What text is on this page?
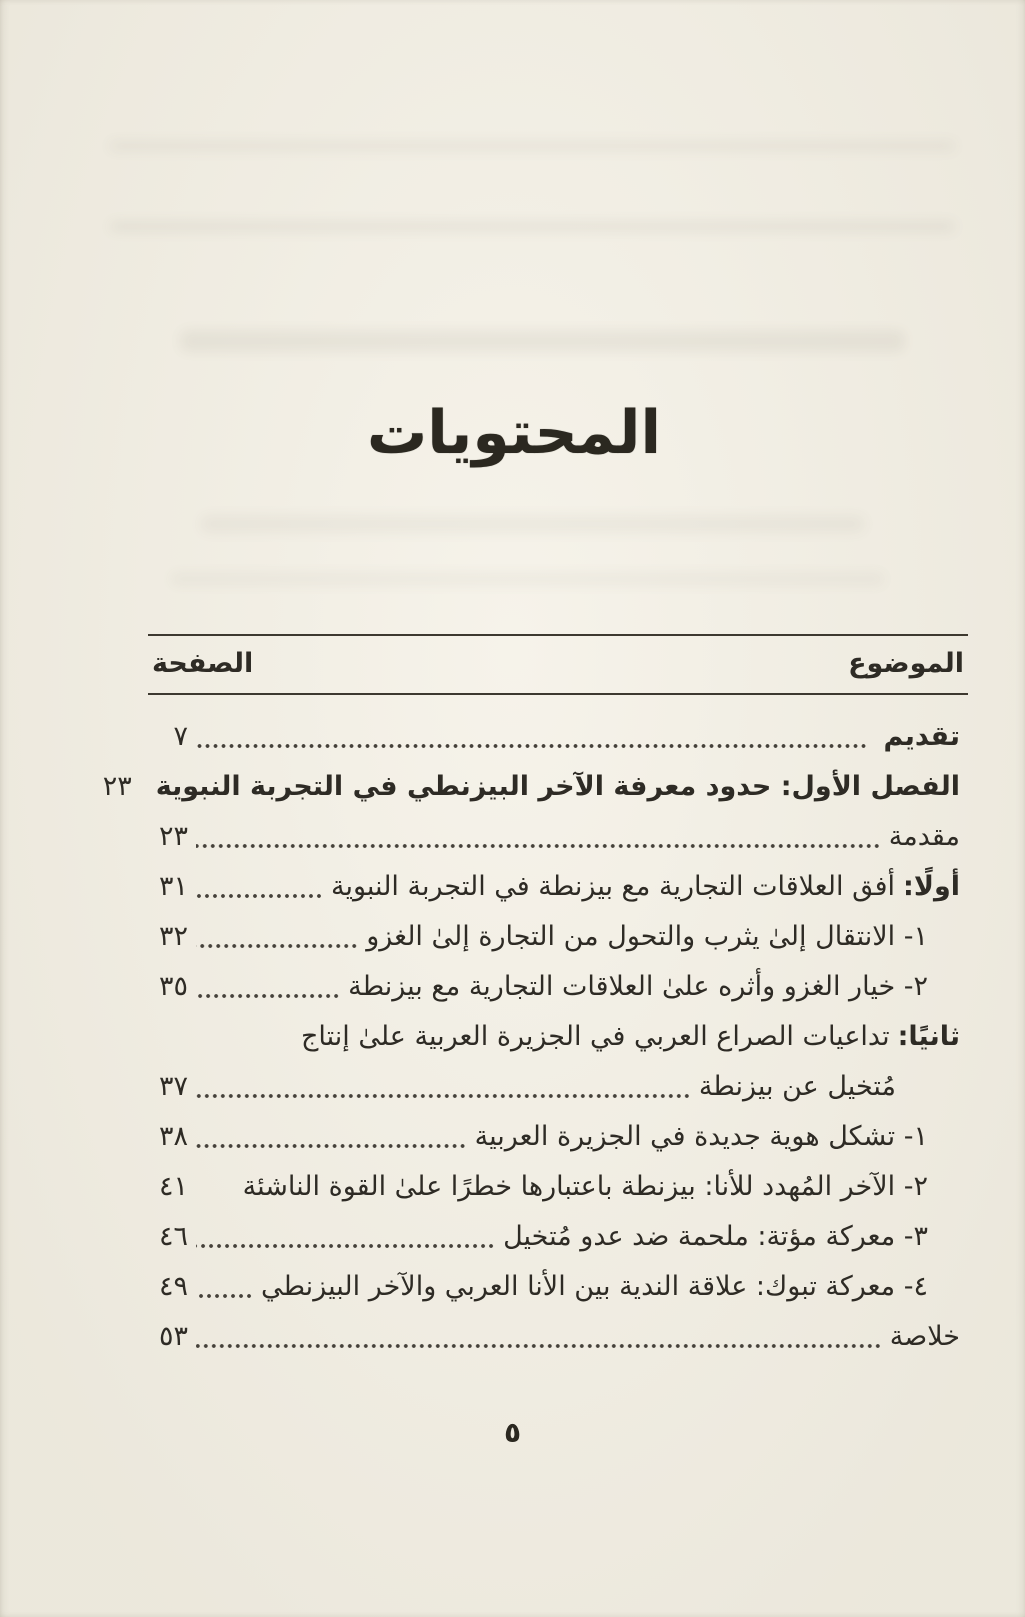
المحتويات
الموضوع
الصفحة
تقديم
٧
الفصل الأول: حدود معرفة الآخر البيزنطي في التجربة النبوية
٢٣
مقدمة
٢٣
أولًا:أفق العلاقات التجارية مع بيزنطة في التجربة النبوية
٣١
١- الانتقال إلىٰ يثرب والتحول من التجارة إلىٰ الغزو
٣٢
٢- خيار الغزو وأثره علىٰ العلاقات التجارية مع بيزنطة
٣٥
ثانيًا:تداعيات الصراع العربي في الجزيرة العربية علىٰ إنتاج
مُتخيل عن بيزنطة
٣٧
١- تشكل هوية جديدة في الجزيرة العربية
٣٨
٢- الآخر المُهدد للأنا: بيزنطة باعتبارها خطرًا علىٰ القوة الناشئة
٤١
٣- معركة مؤتة: ملحمة ضد عدو مُتخيل
٤٦
٤- معركة تبوك: علاقة الندية بين الأنا العربي والآخر البيزنطي
٤٩
خلاصة
٥٣
٥
